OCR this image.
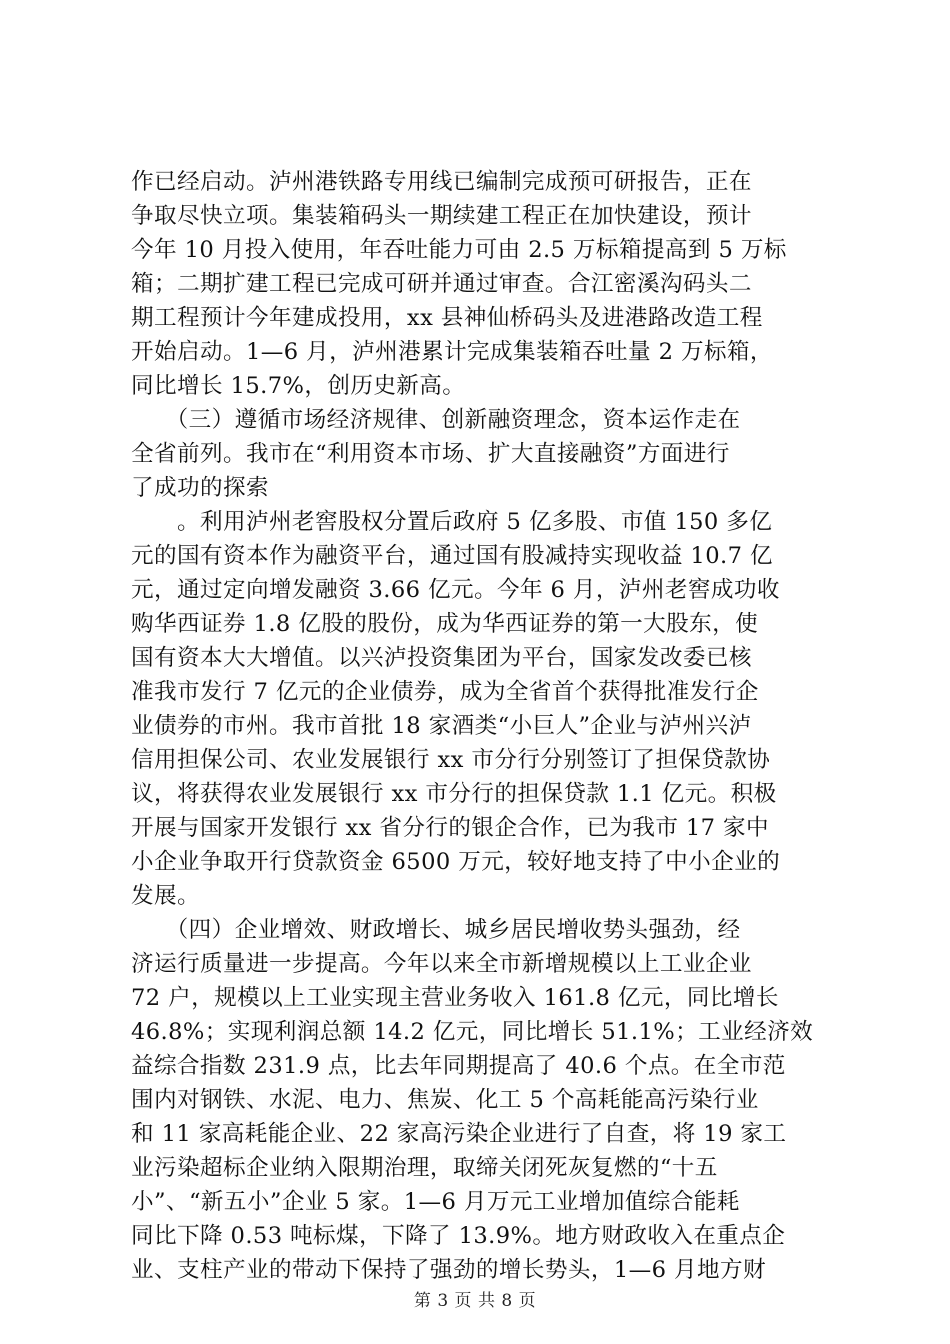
作已经启动。泸州港铁路专用线已编制完成预可研报告，正在
争取尽快立项。集装箱码头一期续建工程正在加快建设，预计
今年 10 月投入使用，年吞吐能力可由 2.5 万标箱提高到 5 万标
箱；二期扩建工程已完成可研并通过审查。合江密溪沟码头二
期工程预计今年建成投用，xx 县神仙桥码头及进港路改造工程
开始启动。1—6 月，泸州港累计完成集装箱吞吐量 2 万标箱，
同比增长 15.7%，创历史新高。
　　（三）遵循市场经济规律、创新融资理念，资本运作走在
全省前列。我市在“利用资本市场、扩大直接融资”方面进行
了成功的探索
　　。利用泸州老窖股权分置后政府 5 亿多股、市值 150 多亿
元的国有资本作为融资平台，通过国有股减持实现收益 10.7 亿
元，通过定向增发融资 3.66 亿元。今年 6 月，泸州老窖成功收
购华西证券 1.8 亿股的股份，成为华西证券的第一大股东，使
国有资本大大增值。以兴泸投资集团为平台，国家发改委已核
准我市发行 7 亿元的企业债券，成为全省首个获得批准发行企
业债券的市州。我市首批 18 家酒类“小巨人”企业与泸州兴泸
信用担保公司、农业发展银行 xx 市分行分别签订了担保贷款协
议，将获得农业发展银行 xx 市分行的担保贷款 1.1 亿元。积极
开展与国家开发银行 xx 省分行的银企合作，已为我市 17 家中
小企业争取开行贷款资金 6500 万元，较好地支持了中小企业的
发展。
　　（四）企业增效、财政增长、城乡居民增收势头强劲，经
济运行质量进一步提高。今年以来全市新增规模以上工业企业
72 户，规模以上工业实现主营业务收入 161.8 亿元，同比增长
46.8%；实现利润总额 14.2 亿元，同比增长 51.1%；工业经济效
益综合指数 231.9 点，比去年同期提高了 40.6 个点。在全市范
围内对钢铁、水泥、电力、焦炭、化工 5 个高耗能高污染行业
和 11 家高耗能企业、22 家高污染企业进行了自查，将 19 家工
业污染超标企业纳入限期治理，取缔关闭死灰复燃的“十五
小”、“新五小”企业 5 家。1—6 月万元工业增加值综合能耗
同比下降 0.53 吨标煤，下降了 13.9%。地方财政收入在重点企
业、支柱产业的带动下保持了强劲的增长势头，1—6 月地方财
第 3 页 共 8 页
